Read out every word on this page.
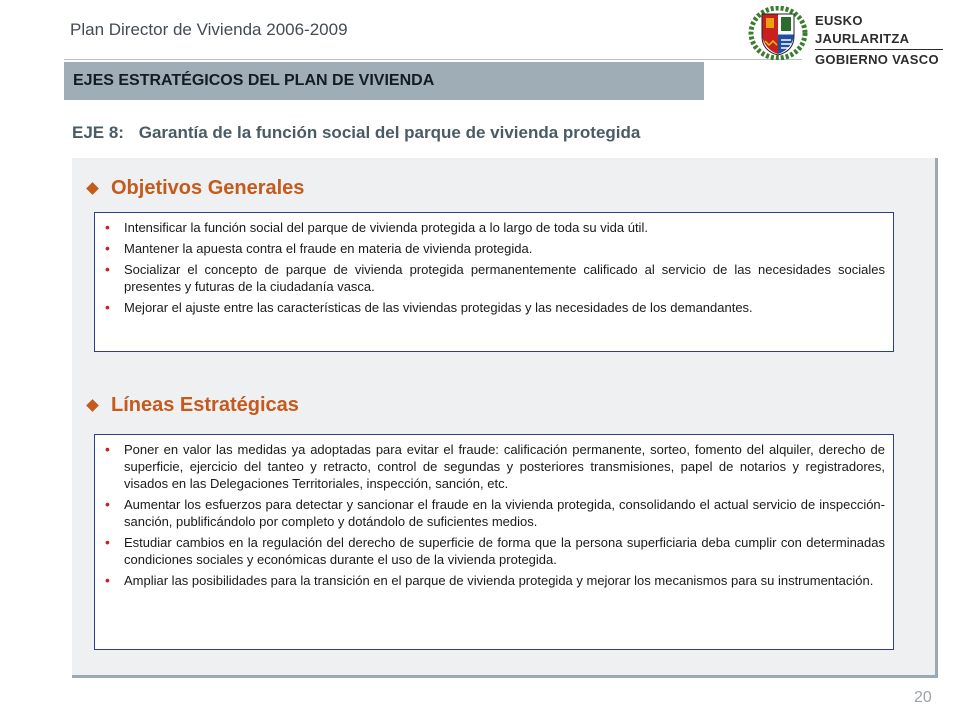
Plan Director de Vivienda 2006-2009	EUSKO JAURLARITZA
GOBIERNO VASCO
EJES ESTRATÉGICOS DEL PLAN DE VIVIENDA
EJE 8: Garantía de la función social del parque de vivienda protegida
Objetivos Generales
• Intensificar la función social del parque de vivienda protegida a lo largo de toda su vida útil.
• Mantener la apuesta contra el fraude en materia de vivienda protegida.
• Socializar el concepto de parque de vivienda protegida permanentemente calificado al servicio de las necesidades sociales presentes y futuras de la ciudadanía vasca.
• Mejorar el ajuste entre las características de las viviendas protegidas y las necesidades de los demandantes.
Líneas Estratégicas
• Poner en valor las medidas ya adoptadas para evitar el fraude: calificación permanente, sorteo, fomento del alquiler, derecho de superficie, ejercicio del tanteo y retracto, control de segundas y posteriores transmisiones, papel de notarios y registradores, visados en las Delegaciones Territoriales, inspección, sanción, etc.
• Aumentar los esfuerzos para detectar y sancionar el fraude en la vivienda protegida, consolidando el actual servicio de inspección-sanción, publificándolo por completo y dotándolo de suficientes medios.
• Estudiar cambios en la regulación del derecho de superficie de forma que la persona superficiaria deba cumplir con determinadas condiciones sociales y económicas durante el uso de la vivienda protegida.
• Ampliar las posibilidades para la transición en el parque de vivienda protegida y mejorar los mecanismos para su instrumentación.
20
